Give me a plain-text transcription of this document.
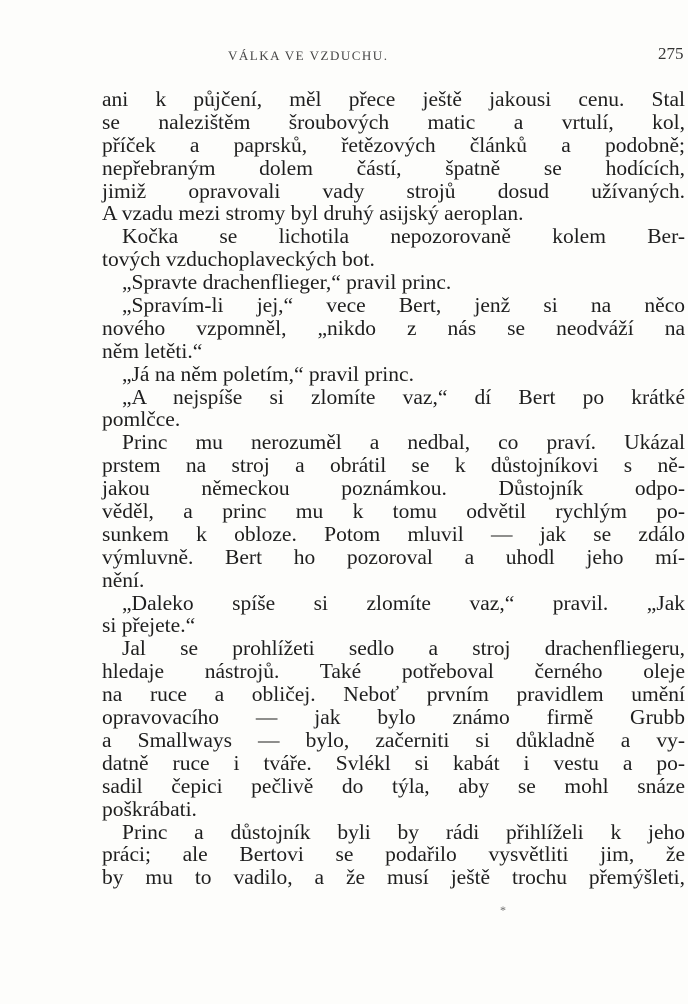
VÁLKA VE VZDUCHU.	275
ani k půjčení, měl přece ještě jakousi cenu. Stal
se nalezištěm šroubových matic a vrtulí, kol,
příček a paprsků, řetězových článků a podobně;
nepřebraným dolem částí, špatně se hodících,
jimiž opravovali vady strojů dosud užívaných.
A vzadu mezi stromy byl druhý asijský aeroplan.
Kočka se lichotila nepozorovaně kolem Ber-
tových vzduchoplaveckých bot.
„Spravte drachenflieger,“ pravil princ.
„Spravím-li jej,“ vece Bert, jenž si na něco
nového vzpomněl, „nikdo z nás se neodváží na
něm letěti.“
„Já na něm poletím,“ pravil princ.
„A nejspíše si zlomíte vaz,“ dí Bert po krátké
pomlčce.
Princ mu nerozuměl a nedbal, co praví. Ukázal
prstem na stroj a obrátil se k důstojníkovi s ně-
jakou německou poznámkou. Důstojník odpo-
věděl, a princ mu k tomu odvětil rychlým po-
sunkem k obloze. Potom mluvil — jak se zdálo
výmluvně. Bert ho pozoroval a uhodl jeho mí-
nění.
„Daleko spíše si zlomíte vaz,“ pravil. „Jak
si přejete.“
Jal se prohlížeti sedlo a stroj drachenfliegeru,
hledaje nástrojů. Také potřeboval černého oleje
na ruce a obličej. Neboť prvním pravidlem umění
opravovacího — jak bylo známo firmě Grubb
a Smallways — bylo, začerniti si důkladně a vy-
datně ruce i tváře. Svlékl si kabát i vestu a po-
sadil čepici pečlivě do týla, aby se mohl snáze
poškrábati.
Princ a důstojník byli by rádi přihlíželi k jeho
práci; ale Bertovi se podařilo vysvětliti jim, že
by mu to vadilo, a že musí ještě trochu přemýšleti,
*
